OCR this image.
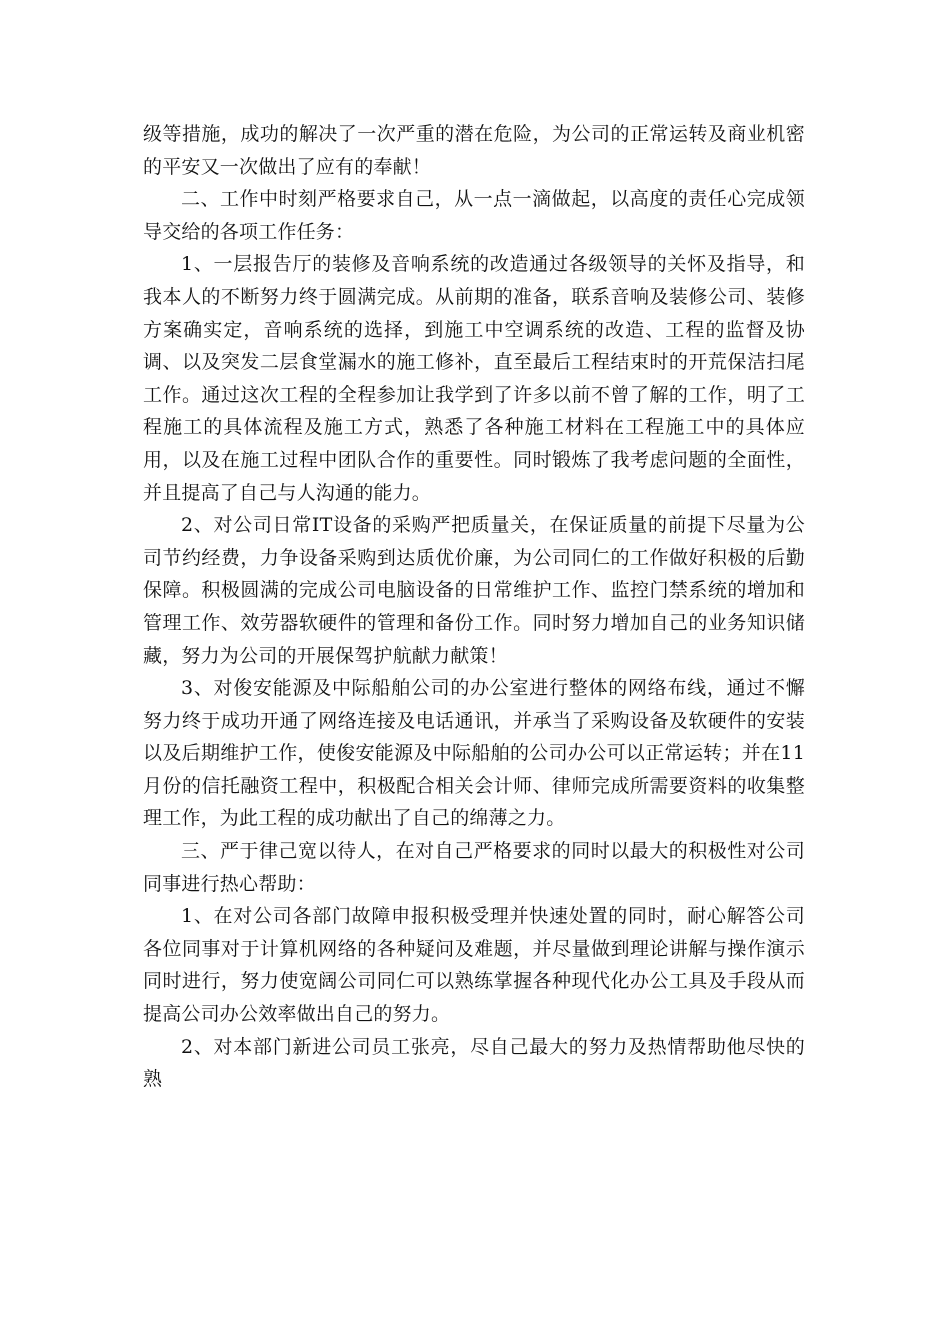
级等措施，成功的解决了一次严重的潜在危险，为公司的正常运转及商业机密的平安又一次做出了应有的奉献！

二、工作中时刻严格要求自己，从一点一滴做起，以高度的责任心完成领导交给的各项工作任务：

1、一层报告厅的装修及音响系统的改造通过各级领导的关怀及指导，和我本人的不断努力终于圆满完成。从前期的准备，联系音响及装修公司、装修方案确实定，音响系统的选择，到施工中空调系统的改造、工程的监督及协调、以及突发二层食堂漏水的施工修补，直至最后工程结束时的开荒保洁扫尾工作。通过这次工程的全程参加让我学到了许多以前不曾了解的工作，明了工程施工的具体流程及施工方式，熟悉了各种施工材料在工程施工中的具体应用，以及在施工过程中团队合作的重要性。同时锻炼了我考虑问题的全面性，并且提高了自己与人沟通的能力。

2、对公司日常IT设备的采购严把质量关，在保证质量的前提下尽量为公司节约经费，力争设备采购到达质优价廉，为公司同仁的工作做好积极的后勤保障。积极圆满的完成公司电脑设备的日常维护工作、监控门禁系统的增加和管理工作、效劳器软硬件的管理和备份工作。同时努力增加自己的业务知识储藏，努力为公司的开展保驾护航献力献策！

3、对俊安能源及中际船舶公司的办公室进行整体的网络布线，通过不懈努力终于成功开通了网络连接及电话通讯，并承当了采购设备及软硬件的安装以及后期维护工作，使俊安能源及中际船舶的公司办公可以正常运转；并在11月份的信托融资工程中，积极配合相关会计师、律师完成所需要资料的收集整理工作，为此工程的成功献出了自己的绵薄之力。

三、严于律己宽以待人，在对自己严格要求的同时以最大的积极性对公司同事进行热心帮助：

1、在对公司各部门故障申报积极受理并快速处置的同时，耐心解答公司各位同事对于计算机网络的各种疑问及难题，并尽量做到理论讲解与操作演示同时进行，努力使宽阔公司同仁可以熟练掌握各种现代化办公工具及手段从而提高公司办公效率做出自己的努力。

2、对本部门新进公司员工张亮，尽自己最大的努力及热情帮助他尽快的熟
